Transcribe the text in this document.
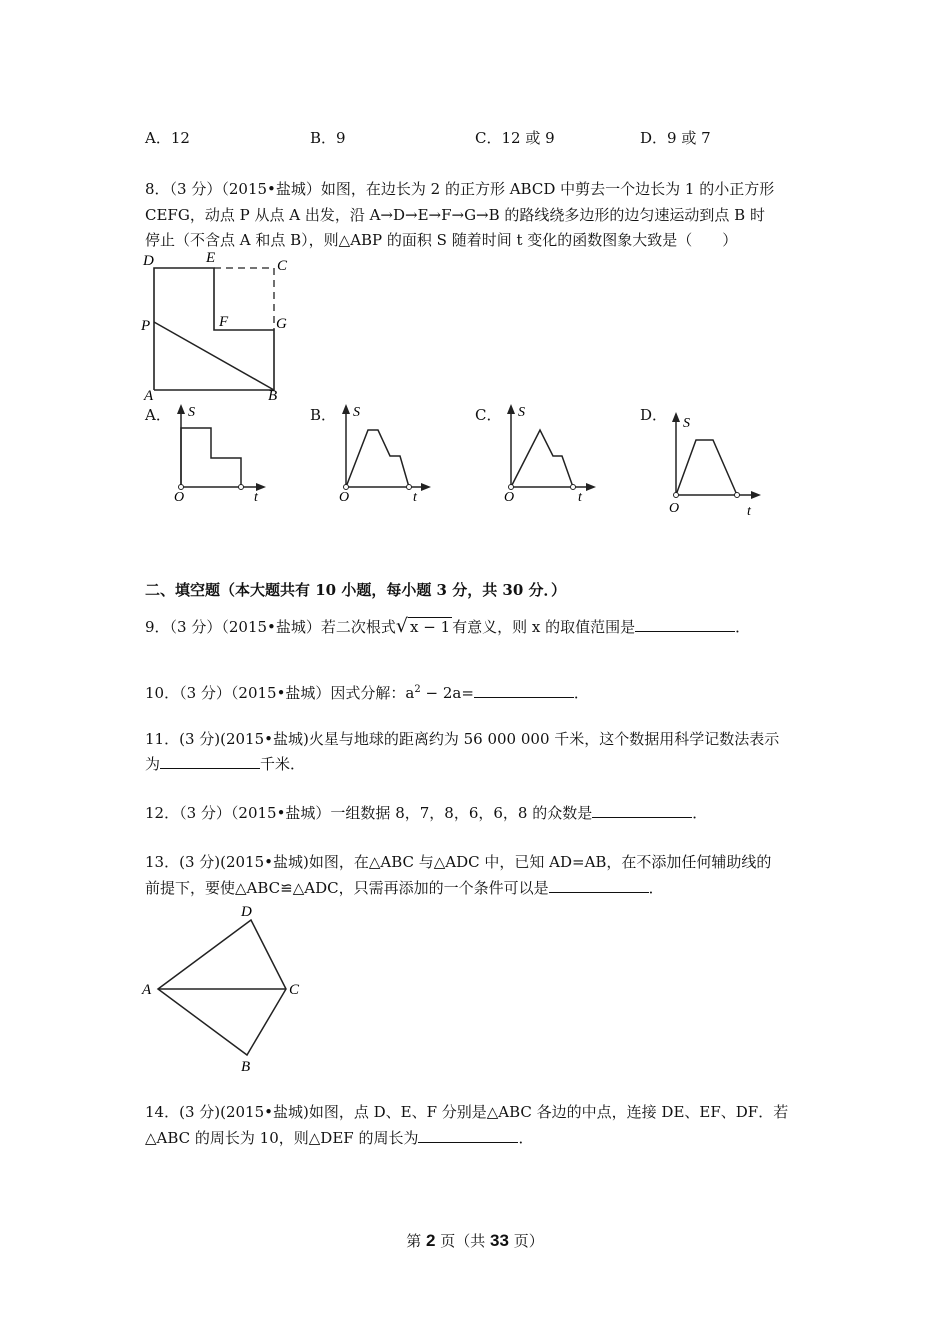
A．12	B．9	C．12 或 9	D．9 或 7
8．（3 分）（2015•盐城）如图，在边长为 2 的正方形 ABCD 中剪去一个边长为 1 的小正方形
CEFG，动点 P 从点 A 出发，沿 A→D→E→F→G→B 的路线绕多边形的边匀速运动到点 B 时
停止（不含点 A 和点 B），则△ABP 的面积 S 随着时间 t 变化的函数图象大致是（　　）
D	E	C
P	F	G
A	B
A．	B．	C．	D．
S
O	t
S
O	t
S
O	t
S
O	t
二、填空题（本大题共有 10 小题，每小题 3 分，共 30 分．）
9．（3 分）（2015•盐城）若二次根式√ x − 1 有意义，则 x 的取值范围是	．
10．（3 分）（2015•盐城）因式分解：$a^2 - 2a=$	．
11．(3 分)(2015•盐城)火星与地球的距离约为 56 000 000 千米，这个数据用科学记数法表示
为	千米．
12．（3 分）（2015•盐城）一组数据 8，7，8，6，6，8 的众数是	．
13．(3 分)(2015•盐城)如图，在△ABC 与△ADC 中，已知 AD=AB，在不添加任何辅助线的
前提下，要使△ABC≌△ADC，只需再添加的一个条件可以是	．
D
A	C
B
14．(3 分)(2015•盐城)如图，点 D、E、F 分别是△ABC 各边的中点，连接 DE、EF、DF．若
△ABC 的周长为 10，则△DEF 的周长为	．
第 2 页（共 33 页）
